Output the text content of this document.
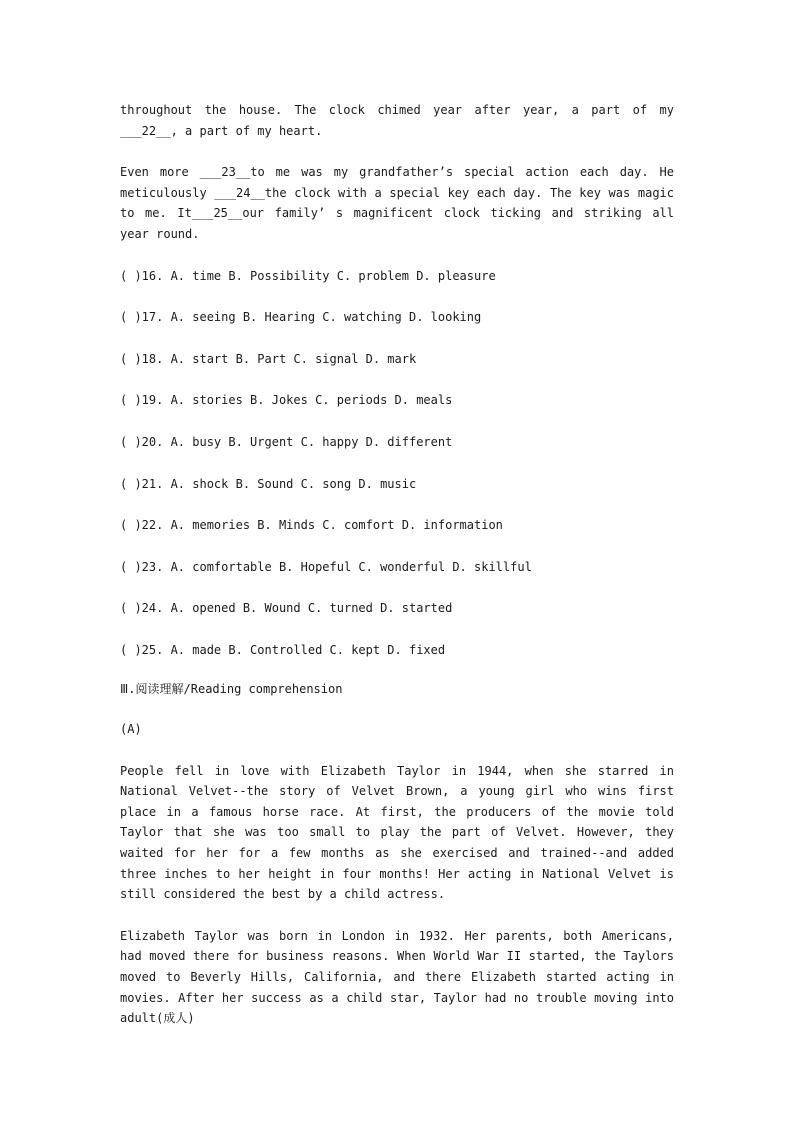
throughout the house. The clock chimed year after year, a part of my ___22__, a part of my heart.

Even more ___23__to me was my grandfather’s special action each day. He meticulously ___24__the clock with a special key each day. The key was magic to me. It___25__our family’ s magnificent clock ticking and striking all year round.

( )16. A. time B. Possibility C. problem D. pleasure
( )17. A. seeing B. Hearing C. watching D. looking
( )18. A. start B. Part C. signal D. mark
( )19. A. stories B. Jokes C. periods D. meals
( )20. A. busy B. Urgent C. happy D. different
( )21. A. shock B. Sound C. song D. music
( )22. A. memories B. Minds C. comfort D. information
( )23. A. comfortable B. Hopeful C. wonderful D. skillful
( )24. A. opened B. Wound C. turned D. started
( )25. A. made B. Controlled C. kept D. fixed
Ⅲ.阅读理解/Reading comprehension
(A)

People fell in love with Elizabeth Taylor in 1944, when she starred in National Velvet--the story of Velvet Brown, a young girl who wins first place in a famous horse race. At first, the producers of the movie told Taylor that she was too small to play the part of Velvet. However, they waited for her for a few months as she exercised and trained--and added three inches to her height in four months! Her acting in National Velvet is still considered the best by a child actress.

Elizabeth Taylor was born in London in 1932. Her parents, both Americans, had moved there for business reasons. When World War II started, the Taylors moved to Beverly Hills, California, and there Elizabeth started acting in movies. After her success as a child star, Taylor had no trouble moving into adult(成人)
